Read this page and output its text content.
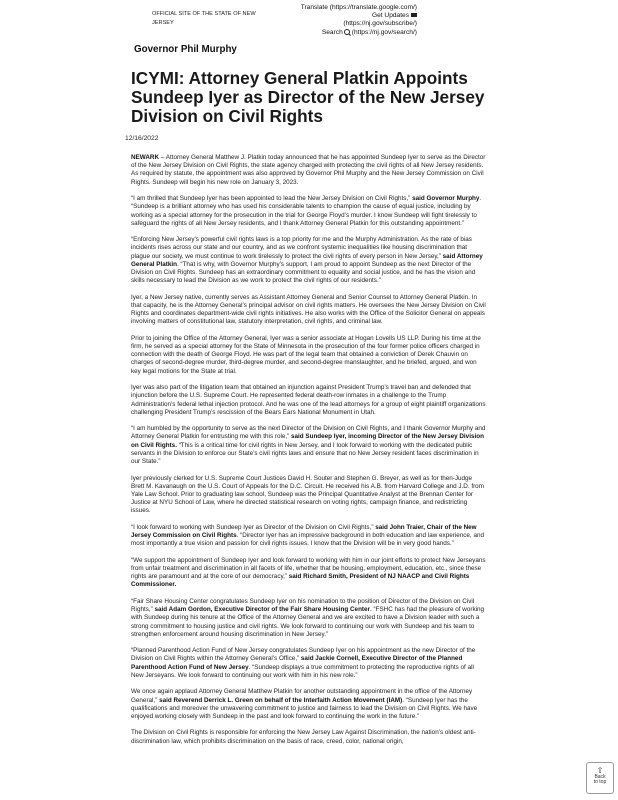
OFFICIAL SITE OF THE STATE OF NEW JERSEY
Translate (https://translate.google.com/)
Get Updates
(https://nj.gov/subscribe/)
Search (https://nj.gov/search/)
Governor Phil Murphy
ICYMI: Attorney General Platkin Appoints Sundeep Iyer as Director of the New Jersey Division on Civil Rights
12/16/2022

NEWARK – Attorney General Matthew J. Platkin today announced that he has appointed Sundeep Iyer to serve as the Director of the New Jersey Division on Civil Rights, the state agency charged with protecting the civil rights of all New Jersey residents. As required by statute, the appointment was also approved by Governor Phil Murphy and the New Jersey Commission on Civil Rights. Sundeep will begin his new role on January 3, 2023.

“I am thrilled that Sundeep Iyer has been appointed to lead the New Jersey Division on Civil Rights,” said Governor Murphy. “Sundeep is a brilliant attorney who has used his considerable talents to champion the cause of equal justice, including by working as a special attorney for the prosecution in the trial for George Floyd’s murder. I know Sundeep will fight tirelessly to safeguard the rights of all New Jersey residents, and I thank Attorney General Platkin for this outstanding appointment.”

“Enforcing New Jersey’s powerful civil rights laws is a top priority for me and the Murphy Administration. As the rate of bias incidents rises across our state and our country, and as we confront systemic inequalities like housing discrimination that plague our society, we must continue to work tirelessly to protect the civil rights of every person in New Jersey,” said Attorney General Platkin. “That is why, with Governor Murphy’s support, I am proud to appoint Sundeep as the next Director of the Division on Civil Rights. Sundeep has an extraordinary commitment to equality and social justice, and he has the vision and skills necessary to lead the Division as we work to protect the civil rights of our residents.”

Iyer, a New Jersey native, currently serves as Assistant Attorney General and Senior Counsel to Attorney General Platkin. In that capacity, he is the Attorney General’s principal advisor on civil rights matters. He oversees the New Jersey Division on Civil Rights and coordinates department-wide civil rights initiatives. He also works with the Office of the Solicitor General on appeals involving matters of constitutional law, statutory interpretation, civil rights, and criminal law.

Prior to joining the Office of the Attorney General, Iyer was a senior associate at Hogan Lovells US LLP. During his time at the firm, he served as a special attorney for the State of Minnesota in the prosecution of the four former police officers charged in connection with the death of George Floyd. He was part of the legal team that obtained a conviction of Derek Chauvin on charges of second-degree murder, third-degree murder, and second-degree manslaughter, and he briefed, argued, and won key legal motions for the State at trial.

Iyer was also part of the litigation team that obtained an injunction against President Trump’s travel ban and defended that injunction before the U.S. Supreme Court. He represented federal death-row inmates in a challenge to the Trump Administration’s federal lethal injection protocol. And he was one of the lead attorneys for a group of eight plaintiff organizations challenging President Trump’s rescission of the Bears Ears National Monument in Utah.

“I am humbled by the opportunity to serve as the next Director of the Division on Civil Rights, and I thank Governor Murphy and Attorney General Platkin for entrusting me with this role,” said Sundeep Iyer, incoming Director of the New Jersey Division on Civil Rights. “This is a critical time for civil rights in New Jersey, and I look forward to working with the dedicated public servants in the Division to enforce our State’s civil rights laws and ensure that no New Jersey resident faces discrimination in our State.”

Iyer previously clerked for U.S. Supreme Court Justices David H. Souter and Stephen G. Breyer, as well as for then-Judge Brett M. Kavanaugh on the U.S. Court of Appeals for the D.C. Circuit. He received his A.B. from Harvard College and J.D. from Yale Law School. Prior to graduating law school, Sundeep was the Principal Quantitative Analyst at the Brennan Center for Justice at NYU School of Law, where he directed statistical research on voting rights, campaign finance, and redistricting issues.

“I look forward to working with Sundeep Iyer as Director of the Division on Civil Rights,” said John Traier, Chair of the New Jersey Commission on Civil Rights. “Director Iyer has an impressive background in both education and law experience, and most importantly a true vision and passion for civil rights issues. I know that the Division will be in very good hands.”

“We support the appointment of Sundeep Iyer and look forward to working with him in our joint efforts to protect New Jerseyans from unfair treatment and discrimination in all facets of life, whether that be housing, employment, education, etc., since these rights are paramount and at the core of our democracy,” said Richard Smith, President of NJ NAACP and Civil Rights Commissioner.

“Fair Share Housing Center congratulates Sundeep Iyer on his nomination to the position of Director of the Division on Civil Rights,” said Adam Gordon, Executive Director of the Fair Share Housing Center. “FSHC has had the pleasure of working with Sundeep during his tenure at the Office of the Attorney General and we are excited to have a Division leader with such a strong commitment to housing justice and civil rights. We look forward to continuing our work with Sundeep and his team to strengthen enforcement around housing discrimination in New Jersey.”

“Planned Parenthood Action Fund of New Jersey congratulates Sundeep Iyer on his appointment as the new Director of the Division on Civil Rights within the Attorney General’s Office,” said Jackie Cornell, Executive Director of the Planned Parenthood Action Fund of New Jersey. “Sundeep displays a true commitment to protecting the reproductive rights of all New Jerseyans. We look forward to continuing our work with him in his new role.”

We once again applaud Attorney General Matthew Platkin for another outstanding appointment in the office of the Attorney General,” said Reverend Derrick L. Green on behalf of the Interfaith Action Movement (IAM). “Sundeep Iyer has the qualifications and moreover the unwavering commitment to justice and fairness to lead the Division on Civil Rights. We have enjoyed working closely with Sundeep in the past and look forward to continuing the work in the future.”

The Division on Civil Rights is responsible for enforcing the New Jersey Law Against Discrimination, the nation’s oldest anti-discrimination law, which prohibits discrimination on the basis of race, creed, color, national origin,

⇧
Back
to top
